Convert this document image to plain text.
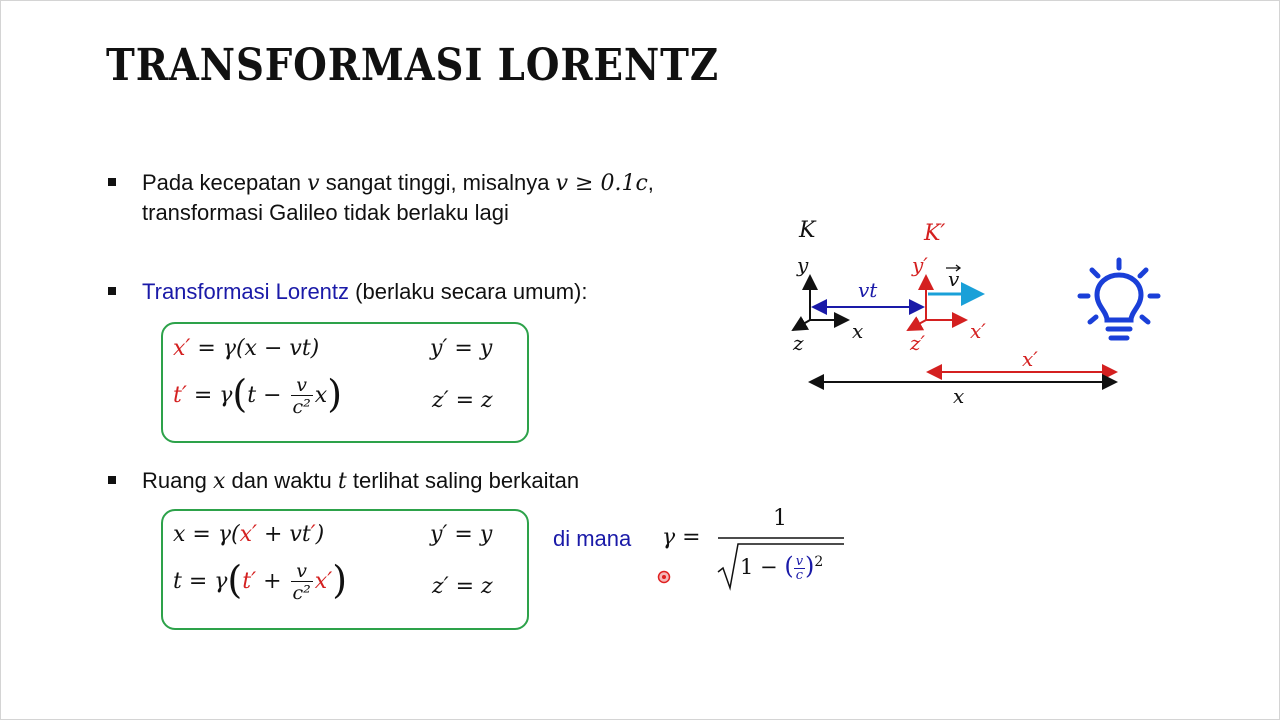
TRANSFORMASI LORENTZ
Pada kecepatan v sangat tinggi, misalnya v ≥ 0.1c,
transformasi Galileo tidak berlaku lagi
Transformasi Lorentz (berlaku secara umum):
x′ = γ(x − vt)	y′ = y
$t' = \gamma(t - \frac{v}{\text{c²}} x)$	z′ = z
Ruang x dan waktu t terlihat saling berkaitan
x = γ(x′ + vt′)	y′ = y
$t = \gamma(t' + \frac{v}{\text{c²}} x')$	z′ = z
di mana γ =
1
1 − ( $\frac{v}{c} )^2$
K	K′
y
x
z
y′
x′
z′
vt	v
x′
x
